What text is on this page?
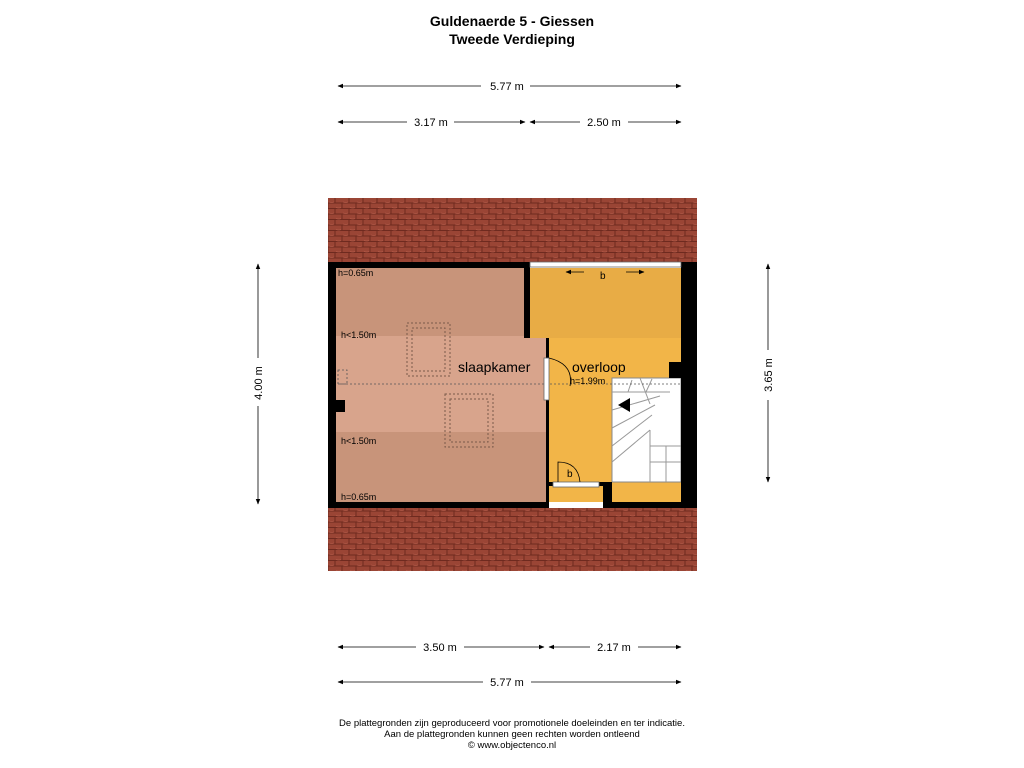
Guldenaerde 5 - Giessen
Tweede Verdieping
h=0.65m
h<1.50m
slaapkamer
h<1.50m
h=0.65m
overloop
h=1.99m
b
b
5.77 m
3.17 m	2.50 m
4.00 m	3.65 m
3.50 m	2.17 m
5.77 m
De plattegronden zijn geproduceerd voor promotionele doeleinden en ter indicatie.
Aan de plattegronden kunnen geen rechten worden ontleend
© www.objectenco.nl
